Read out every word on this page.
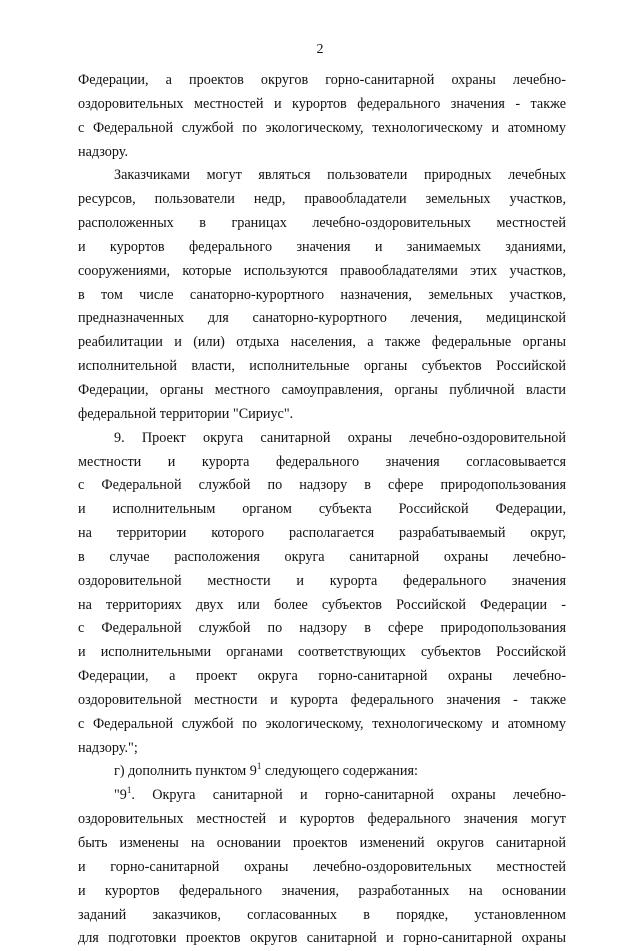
2
Федерации, а проектов округов горно-санитарной охраны лечебно-
оздоровительных местностей и курортов федерального значения - также
с Федеральной службой по экологическому, технологическому и атомному
надзору.
Заказчиками могут являться пользователи природных лечебных
ресурсов, пользователи недр, правообладатели земельных участков,
расположенных в границах лечебно-оздоровительных местностей
и курортов федерального значения и занимаемых зданиями,
сооружениями, которые используются правообладателями этих участков,
в том числе санаторно-курортного назначения, земельных участков,
предназначенных для санаторно-курортного лечения, медицинской
реабилитации и (или) отдыха населения, а также федеральные органы
исполнительной власти, исполнительные органы субъектов Российской
Федерации, органы местного самоуправления, органы публичной власти
федеральной территории "Сириус".
9. Проект округа санитарной охраны лечебно-оздоровительной
местности и курорта федерального значения согласовывается
с Федеральной службой по надзору в сфере природопользования
и исполнительным органом субъекта Российской Федерации,
на территории которого располагается разрабатываемый округ,
в случае расположения округа санитарной охраны лечебно-
оздоровительной местности и курорта федерального значения
на территориях двух или более субъектов Российской Федерации -
с Федеральной службой по надзору в сфере природопользования
и исполнительными органами соответствующих субъектов Российской
Федерации, а проект округа горно-санитарной охраны лечебно-
оздоровительной местности и курорта федерального значения - также
с Федеральной службой по экологическому, технологическому и атомному
надзору.";
г) дополнить пунктом $9^1$ следующего содержания:
"$9^1$. Округа санитарной и горно-санитарной охраны лечебно-
оздоровительных местностей и курортов федерального значения могут
быть изменены на основании проектов изменений округов санитарной
и горно-санитарной охраны лечебно-оздоровительных местностей
и курортов федерального значения, разработанных на основании
заданий заказчиков, согласованных в порядке, установленном
для подготовки проектов округов санитарной и горно-санитарной охраны
